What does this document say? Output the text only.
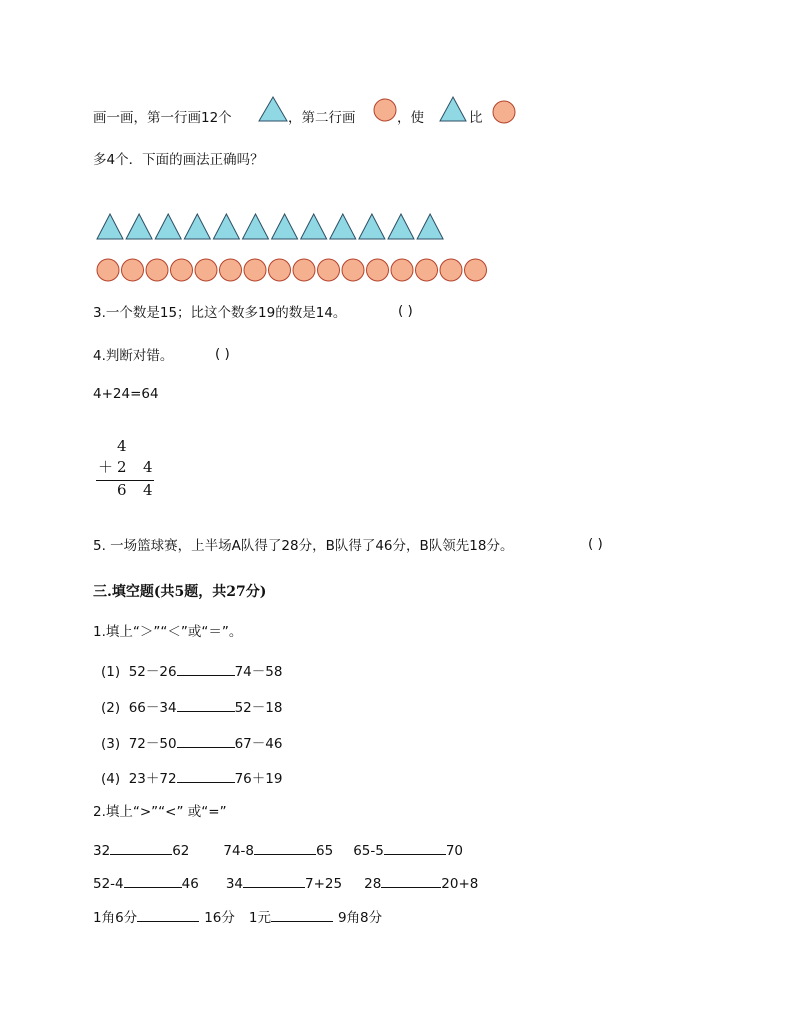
画一画，第一行画12个	，第二行画	，使	比
多4个．下面的画法正确吗？
3.一个数是15；比这个数多19的数是14。	( )
4.判断对错。	( )
4+24=64
4
＋ 2 4
6 4
5. 一场篮球赛，上半场A队得了28分，B队得了46分，B队领先18分。	( )
三.填空题(共5题，共27分)
1.填上“＞”“＜”或“＝”。
(1) 52－26	74－58
(2) 66－34	52－18
(3) 72－50	67－46
(4) 23＋72	76＋19
2.填上“>”“<” 或“=”
32	62	74-8	65 65-5	70
52-4	46 34	7+25 28	20+8
1角6分	16分 1元	9角8分
